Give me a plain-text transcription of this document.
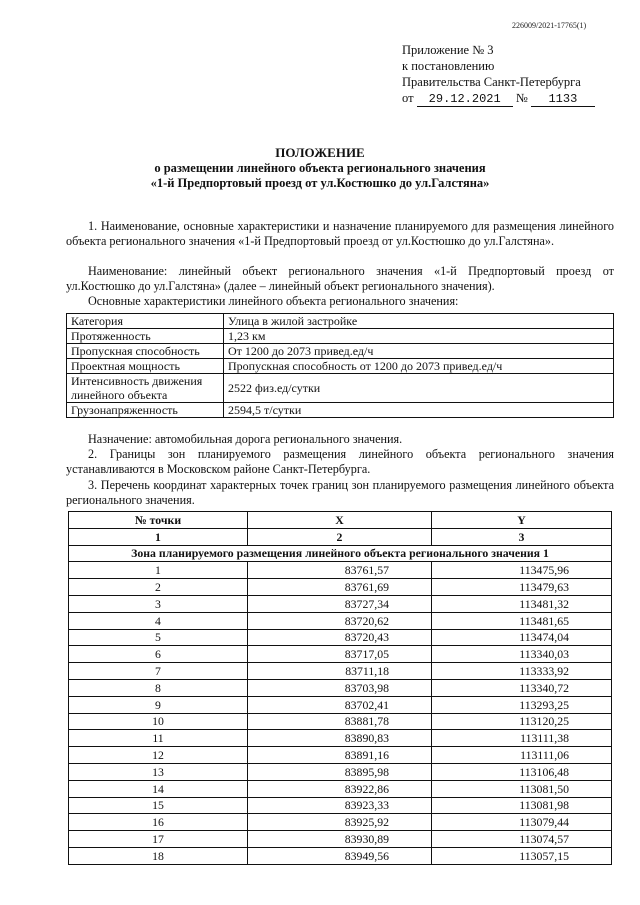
226009/2021-17765(1)
Приложение № 3
к постановлению
Правительства Санкт-Петербурга
от 29.12.2021 № 1133
ПОЛОЖЕНИЕ
о размещении линейного объекта регионального значения
«1-й Предпортовый проезд от ул.Костюшко до ул.Галстяна»
1. Наименование, основные характеристики и назначение планируемого для размещения линейного объекта регионального значения «1-й Предпортовый проезд от ул.Костюшко до ул.Галстяна».
Наименование: линейный объект регионального значения «1-й Предпортовый проезд от ул.Костюшко до ул.Галстяна» (далее – линейный объект регионального значения).
Основные характеристики линейного объекта регионального значения:
Категория	Улица в жилой застройке
Протяженность	1,23 км
Пропускная способность	От 1200 до 2073 привед.ед/ч
Проектная мощность	Пропускная способность от 1200 до 2073 привед.ед/ч
Интенсивность движения линейного объекта	2522 физ.ед/сутки
Грузонапряженность	2594,5 т/сутки
Назначение: автомобильная дорога регионального значения.
2. Границы зон планируемого размещения линейного объекта регионального значения устанавливаются в Московском районе Санкт-Петербурга.
3. Перечень координат характерных точек границ зон планируемого размещения линейного объекта регионального значения.
№ точки	X	Y
1	2	3
Зона планируемого размещения линейного объекта регионального значения 1		
1	83761,57	113475,96
2	83761,69	113479,63
3	83727,34	113481,32
4	83720,62	113481,65
5	83720,43	113474,04
6	83717,05	113340,03
7	83711,18	113333,92
8	83703,98	113340,72
9	83702,41	113293,25
10	83881,78	113120,25
11	83890,83	113111,38
12	83891,16	113111,06
13	83895,98	113106,48
14	83922,86	113081,50
15	83923,33	113081,98
16	83925,92	113079,44
17	83930,89	113074,57
18	83949,56	113057,15
